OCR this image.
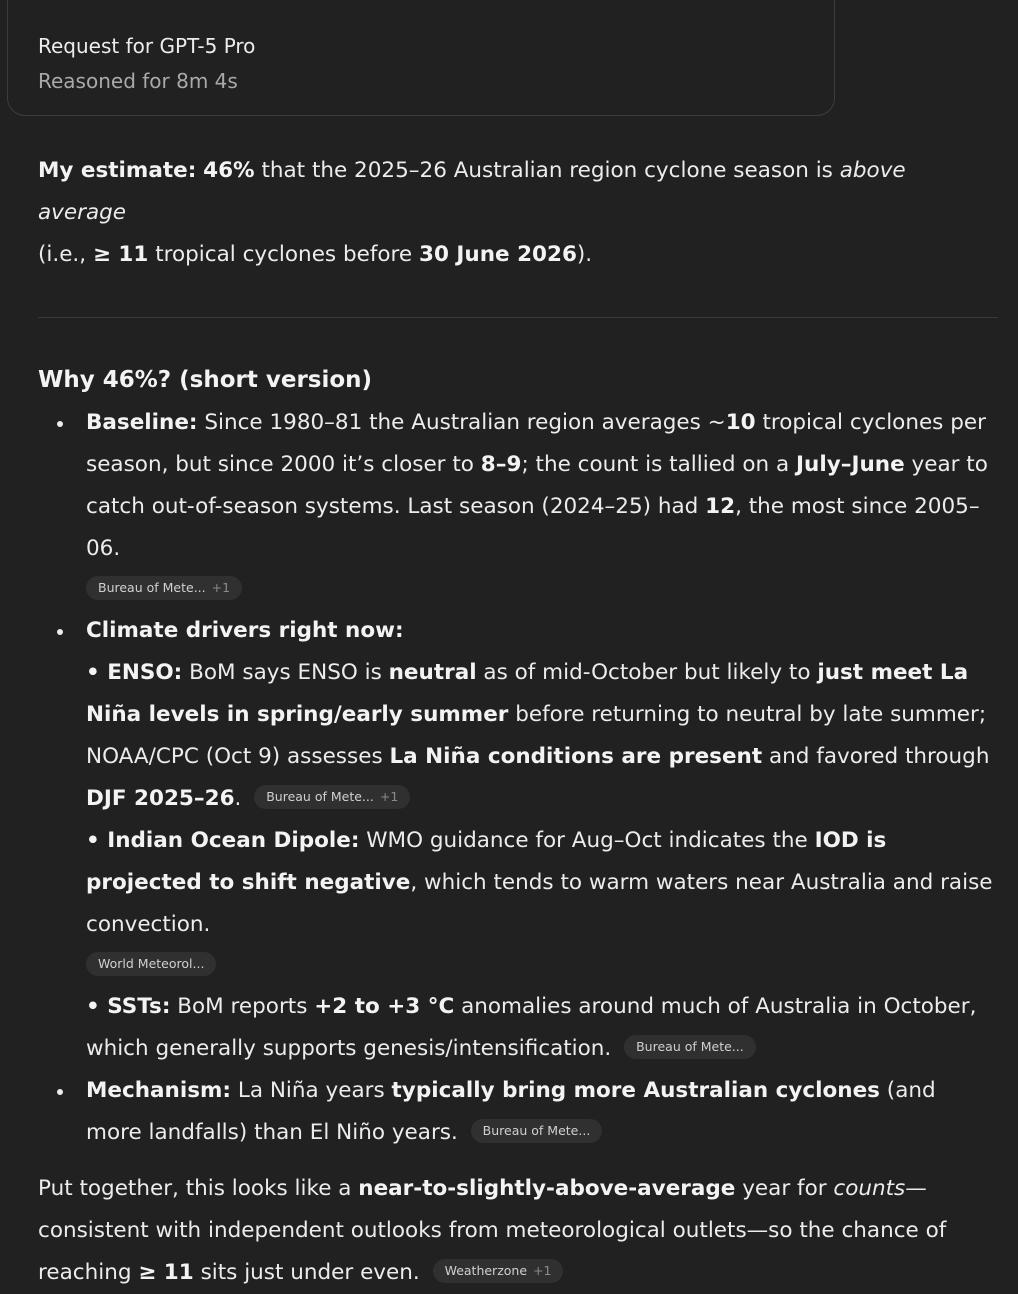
Request for GPT-5 Pro
Reasoned for 8m 4s

My estimate: 46% that the 2025–26 Australian region cyclone season is above average
(i.e., ≥ 11 tropical cyclones before 30 June 2026).

Why 46%? (short version)
Baseline: Since 1980–81 the Australian region averages ~10 tropical cyclones per season, but since 2000 it’s closer to 8–9; the count is tallied on a July–June year to catch out-of-season systems. Last season (2024–25) had 12, the most since 2005–06.
Bureau of Mete... +1
Climate drivers right now:
• ENSO: BoM says ENSO is neutral as of mid-October but likely to just meet La Niña levels in spring/early summer before returning to neutral by late summer; NOAA/CPC (Oct 9) assesses La Niña conditions are present and favored through DJF 2025–26. Bureau of Mete... +1
• Indian Ocean Dipole: WMO guidance for Aug–Oct indicates the IOD is projected to shift negative, which tends to warm waters near Australia and raise convection.
World Meteorol...
• SSTs: BoM reports +2 to +3 °C anomalies around much of Australia in October, which generally supports genesis/intensification. Bureau of Mete...
Mechanism: La Niña years typically bring more Australian cyclones (and more landfalls) than El Niño years. Bureau of Mete...

Put together, this looks like a near-to-slightly-above-average year for counts—consistent with independent outlooks from meteorological outlets—so the chance of reaching ≥ 11 sits just under even. Weatherzone +1
